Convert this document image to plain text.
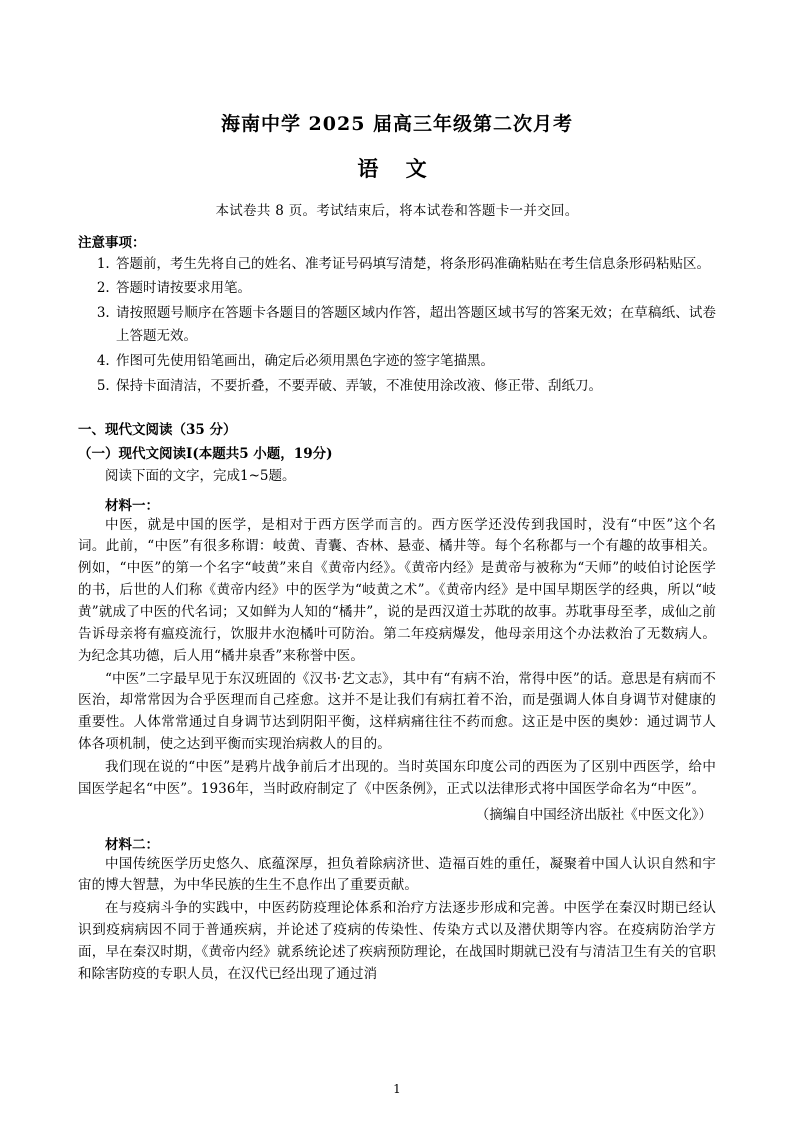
海南中学 2025 届高三年级第二次月考
语 文

本试卷共 8 页。考试结束后，将本试卷和答题卡一并交回。

注意事项：

1. 答题前，考生先将自己的姓名、准考证号码填写清楚，将条形码准确粘贴在考生信息条形码粘贴区。
2. 答题时请按要求用笔。
3. 请按照题号顺序在答题卡各题目的答题区域内作答，超出答题区域书写的答案无效；在草稿纸、试卷上答题无效。
4. 作图可先使用铅笔画出，确定后必须用黑色字迹的签字笔描黑。
5. 保持卡面清洁，不要折叠，不要弄破、弄皱，不准使用涂改液、修正带、刮纸刀。

一、现代文阅读（35 分）

（一）现代文阅读Ⅰ(本题共5 小题，19分)

阅读下面的文字，完成1~5题。

材料一：

中医，就是中国的医学，是相对于西方医学而言的。西方医学还没传到我国时，没有“中医”这个名词。此前，“中医”有很多称谓：岐黄、青囊、杏林、悬壶、橘井等。每个名称都与一个有趣的故事相关。例如，“中医”的第一个名字“岐黄”来自《黄帝内经》。《黄帝内经》是黄帝与被称为“天师”的岐伯讨论医学的书，后世的人们称《黄帝内经》中的医学为“岐黄之术”。《黄帝内经》是中国早期医学的经典，所以“岐黄”就成了中医的代名词；又如鲜为人知的“橘井”，说的是西汉道士苏耽的故事。苏耽事母至孝，成仙之前告诉母亲将有瘟疫流行，饮服井水泡橘叶可防治。第二年疫病爆发，他母亲用这个办法救治了无数病人。为纪念其功德，后人用“橘井泉香”来称誉中医。

“中医”二字最早见于东汉班固的《汉书·艺文志》，其中有“有病不治，常得中医”的话。意思是有病而不医治，却常常因为合乎医理而自己痊愈。这并不是让我们有病扛着不治，而是强调人体自身调节对健康的重要性。人体常常通过自身调节达到阴阳平衡，这样病痛往往不药而愈。这正是中医的奥妙：通过调节人体各项机制，使之达到平衡而实现治病救人的目的。

我们现在说的“中医”是鸦片战争前后才出现的。当时英国东印度公司的西医为了区别中西医学，给中国医学起名“中医”。1936年，当时政府制定了《中医条例》，正式以法律形式将中国医学命名为“中医”。

（摘编自中国经济出版社《中医文化》）

材料二：

中国传统医学历史悠久、底蕴深厚，担负着除病济世、造福百姓的重任，凝聚着中国人认识自然和宇宙的博大智慧，为中华民族的生生不息作出了重要贡献。

在与疫病斗争的实践中，中医药防疫理论体系和治疗方法逐步形成和完善。中医学在秦汉时期已经认识到疫病病因不同于普通疾病，并论述了疫病的传染性、传染方式以及潜伏期等内容。在疫病防治学方面，早在秦汉时期，《黄帝内经》就系统论述了疾病预防理论，在战国时期就已没有与清洁卫生有关的官职和除害防疫的专职人员，在汉代已经出现了通过消

1
